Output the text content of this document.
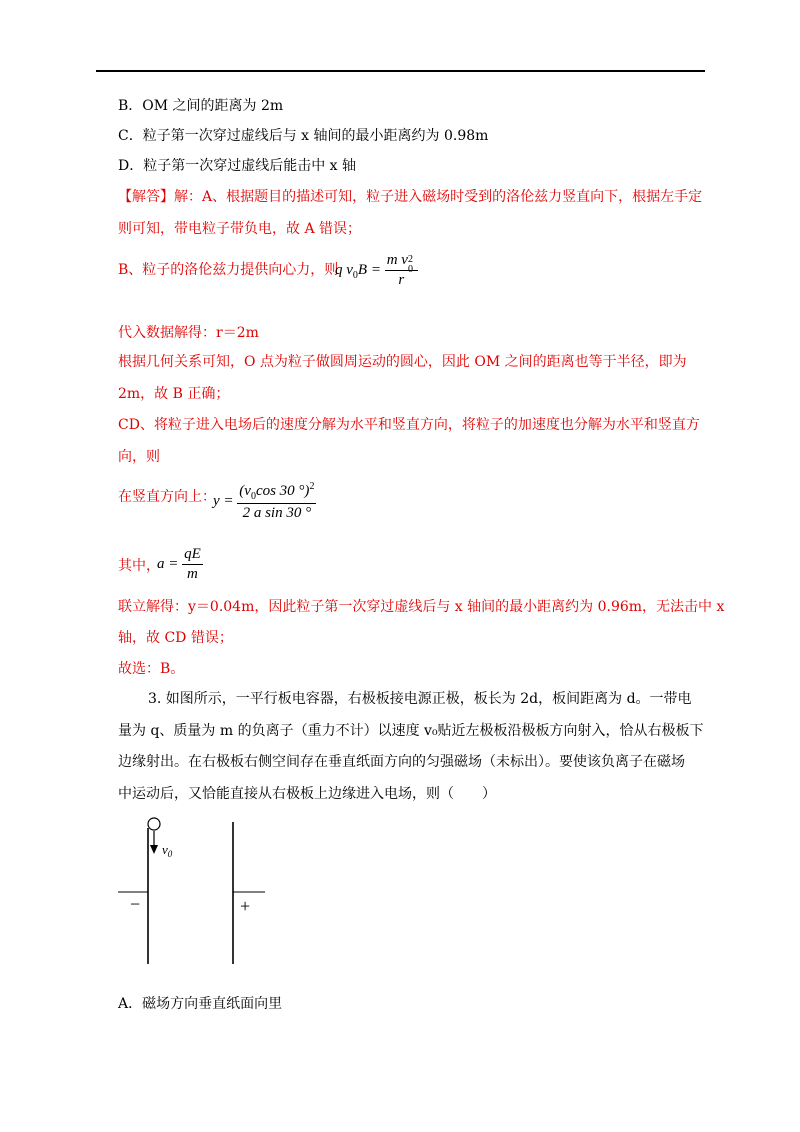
B．OM 之间的距离为 2m
C．粒子第一次穿过虚线后与 x 轴间的最小距离约为 0.98m
D．粒子第一次穿过虚线后能击中 x 轴
【解答】解：A、根据题目的描述可知，粒子进入磁场时受到的洛伦兹力竖直向下，根据左手定
则可知，带电粒子带负电，故 A 错误；
B、粒子的洛伦兹力提供向心力，则
q $v_0B = m$ v 2
0
r
代入数据解得：r＝2m
根据几何关系可知，O 点为粒子做圆周运动的圆心，因此 OM 之间的距离也等于半径，即为
2m，故 B 正确；
CD、将粒子进入电场后的速度分解为水平和竖直方向，将粒子的加速度也分解为水平和竖直方
向，则
在竖直方向上：
$y = \frac{(v_0\cos 30 ^\circ)^2}{\text{2 a sin 30 °}}$
其中，
$a = \frac{qE}{m}$
联立解得：y＝0.04m，因此粒子第一次穿过虚线后与 x 轴间的最小距离约为 0.96m，无法击中 x
轴，故 CD 错误；
故选：B。
3. 如图所示，一平行板电容器，右极板接电源正极，板长为 2d，板间距离为 d。一带电
量为 q、质量为 m 的负离子（重力不计）以速度 v₀贴近左极板沿极板方向射入，恰从右极板下
边缘射出。在右极板右侧空间存在垂直纸面方向的匀强磁场（未标出）。要使该负离子在磁场
中运动后，又恰能直接从右极板上边缘进入电场，则（　　）
$v_0$
−	+
A．磁场方向垂直纸面向里
